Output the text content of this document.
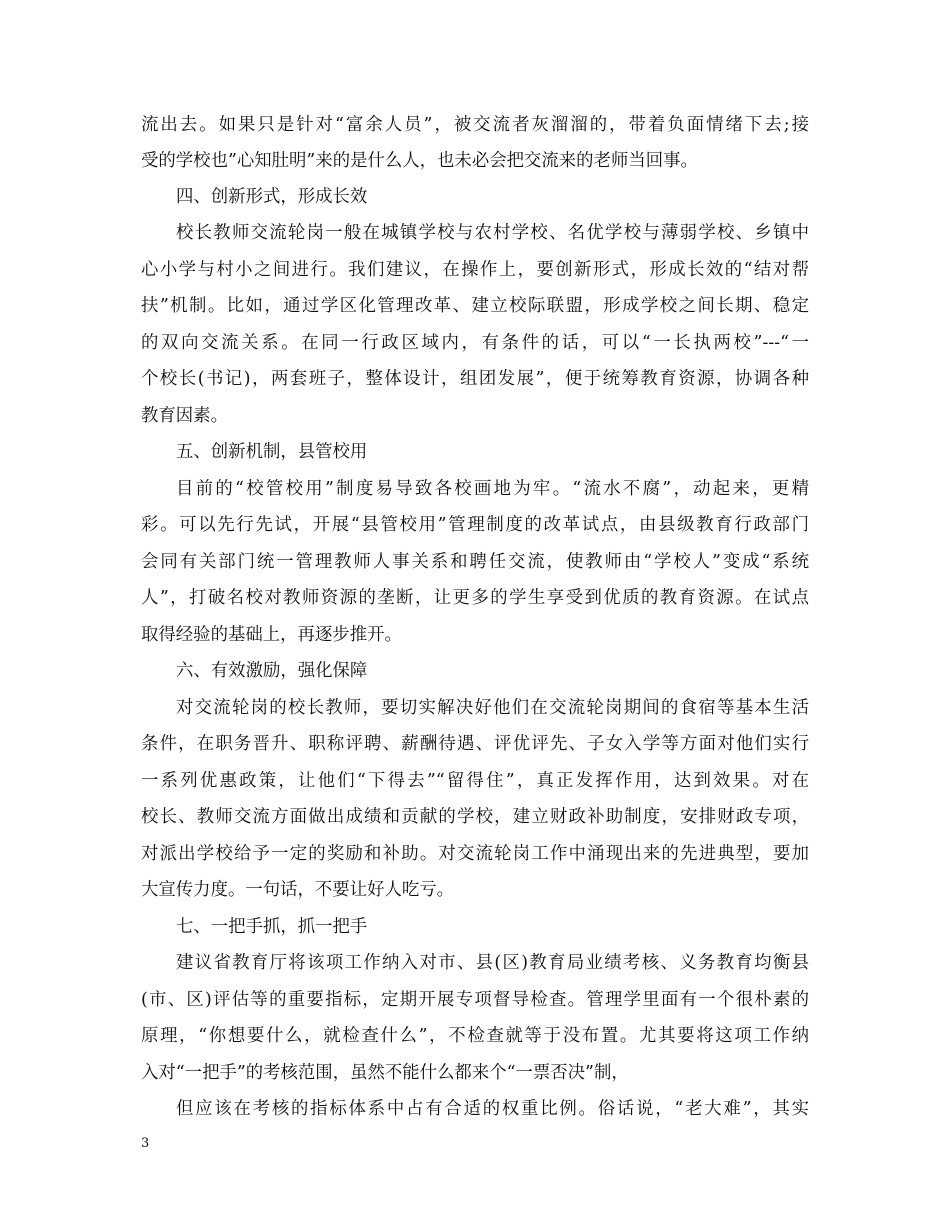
流出去。如果只是针对“富余人员”，被交流者灰溜溜的，带着负面情绪下去;接
受的学校也”心知肚明”来的是什么人，也未必会把交流来的老师当回事。
四、创新形式，形成长效
校长教师交流轮岗一般在城镇学校与农村学校、名优学校与薄弱学校、乡镇中
心小学与村小之间进行。我们建议，在操作上，要创新形式，形成长效的“结对帮
扶”机制。比如，通过学区化管理改革、建立校际联盟，形成学校之间长期、稳定
的双向交流关系。在同一行政区域内，有条件的话，可以“一长执两校”---“一
个校长(书记)，两套班子，整体设计，组团发展”，便于统筹教育资源，协调各种
教育因素。
五、创新机制，县管校用
目前的“校管校用”制度易导致各校画地为牢。“流水不腐”，动起来，更精
彩。可以先行先试，开展“县管校用”管理制度的改革试点，由县级教育行政部门
会同有关部门统一管理教师人事关系和聘任交流，使教师由“学校人”变成“系统
人”，打破名校对教师资源的垄断，让更多的学生享受到优质的教育资源。在试点
取得经验的基础上，再逐步推开。
六、有效激励，强化保障
对交流轮岗的校长教师，要切实解决好他们在交流轮岗期间的食宿等基本生活
条件，在职务晋升、职称评聘、薪酬待遇、评优评先、子女入学等方面对他们实行
一系列优惠政策，让他们“下得去”“留得住”，真正发挥作用，达到效果。对在
校长、教师交流方面做出成绩和贡献的学校，建立财政补助制度，安排财政专项，
对派出学校给予一定的奖励和补助。对交流轮岗工作中涌现出来的先进典型，要加
大宣传力度。一句话，不要让好人吃亏。
七、一把手抓，抓一把手
建议省教育厅将该项工作纳入对市、县(区)教育局业绩考核、义务教育均衡县
(市、区)评估等的重要指标，定期开展专项督导检查。管理学里面有一个很朴素的
原理，“你想要什么，就检查什么”，不检查就等于没布置。尤其要将这项工作纳
入对“一把手”的考核范围，虽然不能什么都来个“一票否决”制，
但应该在考核的指标体系中占有合适的权重比例。俗话说，“老大难”，其实
3
